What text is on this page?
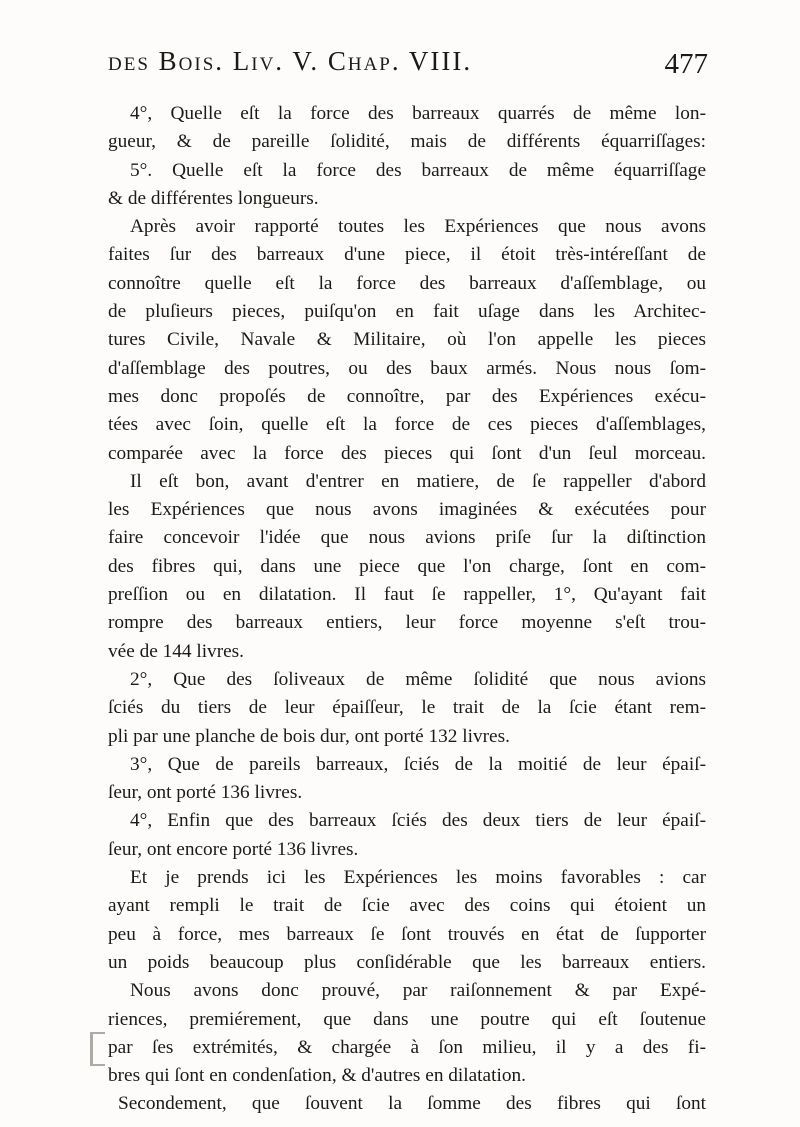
des Bois. Liv. V. Chap. VIII.	477
4°, Quelle eſt la force des barreaux quarrés de même lon-
gueur, & de pareille ſolidité, mais de différents équarriſſages:
5°. Quelle eſt la force des barreaux de même équarriſſage
& de différentes longueurs.
Après avoir rapporté toutes les Expériences que nous avons
faites ſur des barreaux d'une piece, il étoit très-intéreſſant de
connoître quelle eſt la force des barreaux d'aſſemblage, ou
de pluſieurs pieces, puiſqu'on en fait uſage dans les Architec-
tures Civile, Navale & Militaire, où l'on appelle les pieces
d'aſſemblage des poutres, ou des baux armés. Nous nous ſom-
mes donc propoſés de connoître, par des Expériences exécu-
tées avec ſoin, quelle eſt la force de ces pieces d'aſſemblages,
comparée avec la force des pieces qui ſont d'un ſeul morceau.
Il eſt bon, avant d'entrer en matiere, de ſe rappeller d'abord
les Expériences que nous avons imaginées & exécutées pour
faire concevoir l'idée que nous avions priſe ſur la diſtinction
des fibres qui, dans une piece que l'on charge, ſont en com-
preſſion ou en dilatation. Il faut ſe rappeller, 1°, Qu'ayant fait
rompre des barreaux entiers, leur force moyenne s'eſt trou-
vée de 144 livres.
2°, Que des ſoliveaux de même ſolidité que nous avions
ſciés du tiers de leur épaiſſeur, le trait de la ſcie étant rem-
pli par une planche de bois dur, ont porté 132 livres.
3°, Que de pareils barreaux, ſciés de la moitié de leur épaiſ-
ſeur, ont porté 136 livres.
4°, Enfin que des barreaux ſciés des deux tiers de leur épaiſ-
ſeur, ont encore porté 136 livres.
Et je prends ici les Expériences les moins favorables : car
ayant rempli le trait de ſcie avec des coins qui étoient un
peu à force, mes barreaux ſe ſont trouvés en état de ſupporter
un poids beaucoup plus conſidérable que les barreaux entiers.
Nous avons donc prouvé, par raiſonnement & par Expé-
riences, premiérement, que dans une poutre qui eſt ſoutenue
par ſes extrémités, & chargée à ſon milieu, il y a des fi-
bres qui ſont en condenſation, & d'autres en dilatation.
Secondement, que ſouvent la ſomme des fibres qui ſont
